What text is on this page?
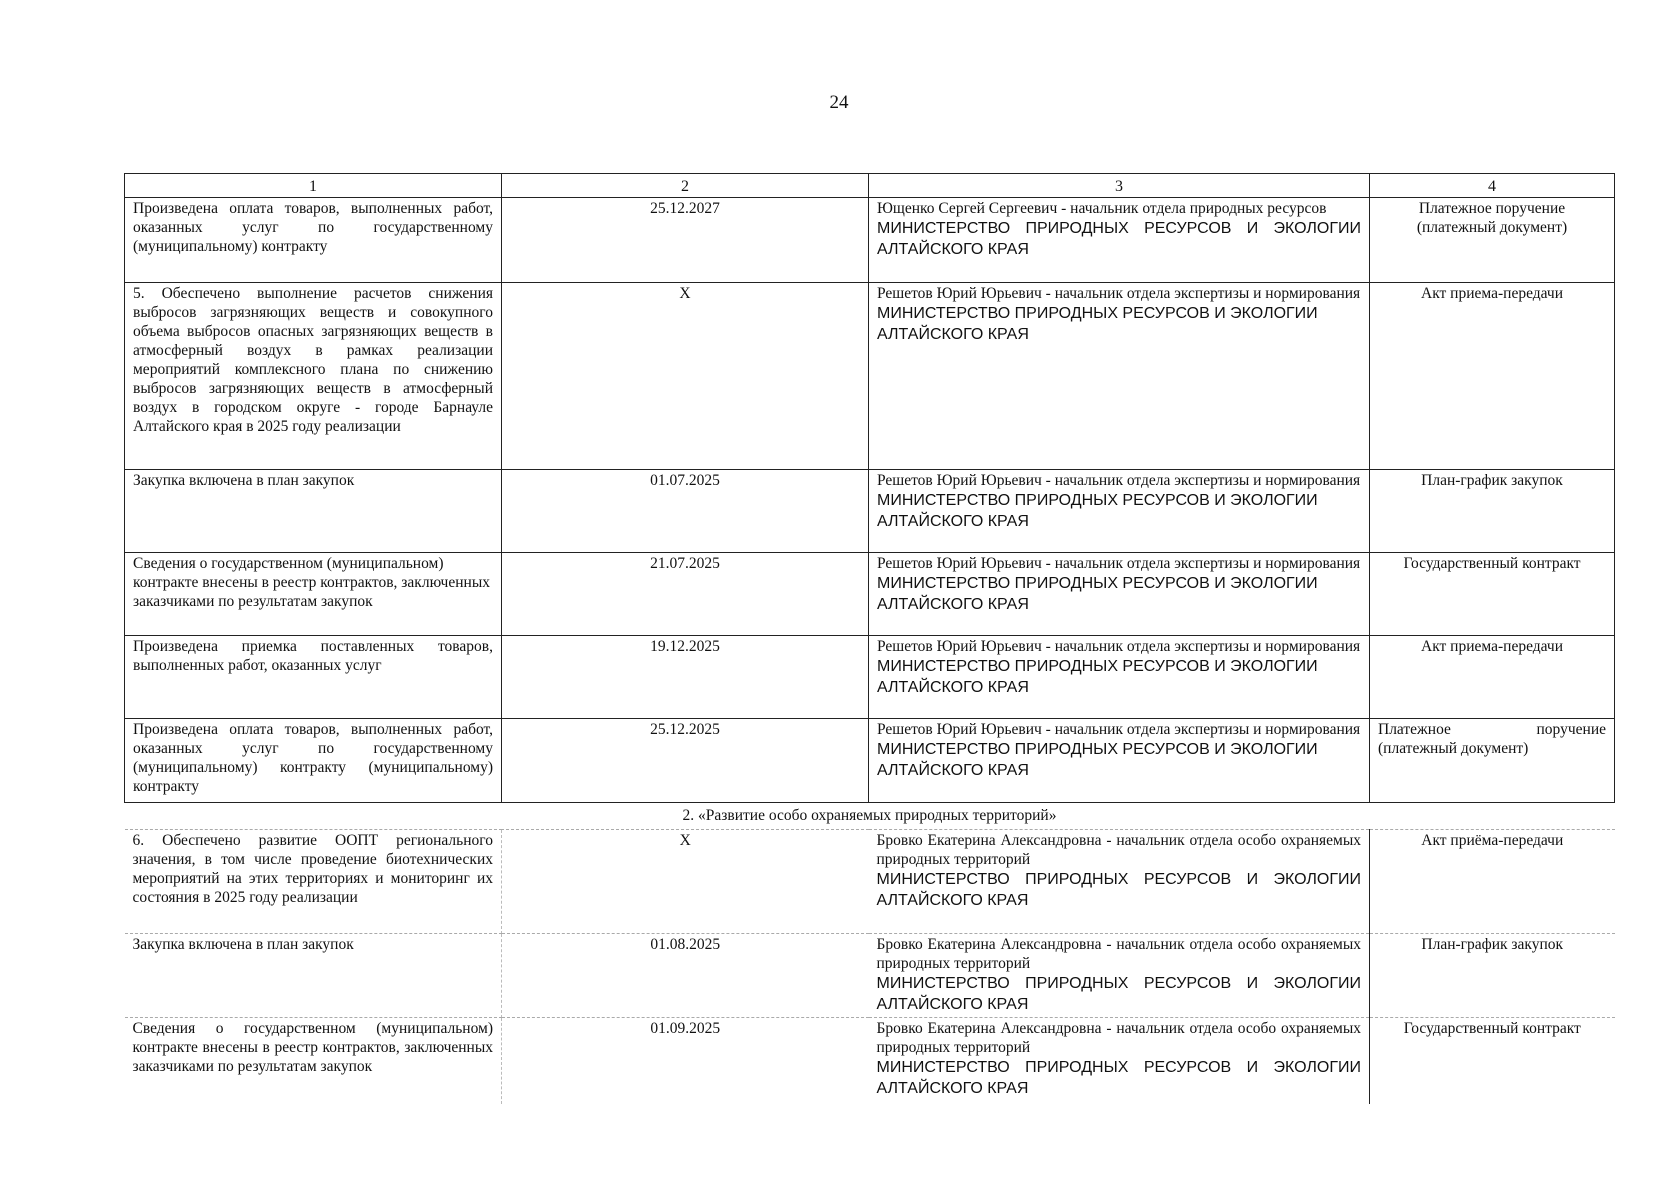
24
1	2	3	4
Произведена оплата товаров, выполненных работ, оказанных услуг по государственному (муниципальному) контракту	25.12.2027	Ющенко Сергей Сергеевич - начальник отдела природных ресурсов
МИНИСТЕРСТВО ПРИРОДНЫХ РЕСУРСОВ И ЭКОЛОГИИ АЛТАЙСКОГО КРАЯ	Платежное поручение (платежный документ)
5. Обеспечено выполнение расчетов снижения выбросов загрязняющих веществ и совокупного объема выбросов опасных загрязняющих веществ в атмосферный воздух в рамках реализации мероприятий комплексного плана по снижению выбросов загрязняющих веществ в атмосферный воздух в городском округе - городе Барнауле Алтайского края в 2025 году реализации	X	Решетов Юрий Юрьевич - начальник отдела экспертизы и нормирования
МИНИСТЕРСТВО ПРИРОДНЫХ РЕСУРСОВ И ЭКОЛОГИИ АЛТАЙСКОГО КРАЯ	Акт приема-передачи
Закупка включена в план закупок	01.07.2025	Решетов Юрий Юрьевич - начальник отдела экспертизы и нормирования
МИНИСТЕРСТВО ПРИРОДНЫХ РЕСУРСОВ И ЭКОЛОГИИ АЛТАЙСКОГО КРАЯ	План-график закупок
Сведения о государственном (муниципальном) контракте внесены в реестр контрактов, заключенных заказчиками по результатам закупок	21.07.2025	Решетов Юрий Юрьевич - начальник отдела экспертизы и нормирования
МИНИСТЕРСТВО ПРИРОДНЫХ РЕСУРСОВ И ЭКОЛОГИИ АЛТАЙСКОГО КРАЯ	Государственный контракт
Произведена приемка поставленных товаров, выполненных работ, оказанных услуг	19.12.2025	Решетов Юрий Юрьевич - начальник отдела экспертизы и нормирования
МИНИСТЕРСТВО ПРИРОДНЫХ РЕСУРСОВ И ЭКОЛОГИИ АЛТАЙСКОГО КРАЯ	Акт приема-передачи
Произведена оплата товаров, выполненных работ, оказанных услуг по государственному (муниципальному) контракту (муниципальному) контракту	25.12.2025	Решетов Юрий Юрьевич - начальник отдела экспертизы и нормирования
МИНИСТЕРСТВО ПРИРОДНЫХ РЕСУРСОВ И ЭКОЛОГИИ АЛТАЙСКОГО КРАЯ	Платежное поручение (платежный документ)
2. «Развитие особо охраняемых природных территорий»			
6. Обеспечено развитие ООПТ регионального значения, в том числе проведение биотехнических мероприятий на этих территориях и мониторинг их состояния в 2025 году реализации	X	Бровко Екатерина Александровна - начальник отдела особо охраняемых природных территорий
МИНИСТЕРСТВО ПРИРОДНЫХ РЕСУРСОВ И ЭКОЛОГИИ АЛТАЙСКОГО КРАЯ	Акт приёма-передачи
Закупка включена в план закупок	01.08.2025	Бровко Екатерина Александровна - начальник отдела особо охраняемых природных территорий
МИНИСТЕРСТВО ПРИРОДНЫХ РЕСУРСОВ И ЭКОЛОГИИ АЛТАЙСКОГО КРАЯ	План-график закупок
Сведения о государственном (муниципальном) контракте внесены в реестр контрактов, заключенных заказчиками по результатам закупок	01.09.2025	Бровко Екатерина Александровна - начальник отдела особо охраняемых природных территорий
МИНИСТЕРСТВО ПРИРОДНЫХ РЕСУРСОВ И ЭКОЛОГИИ АЛТАЙСКОГО КРАЯ	Государственный контракт
